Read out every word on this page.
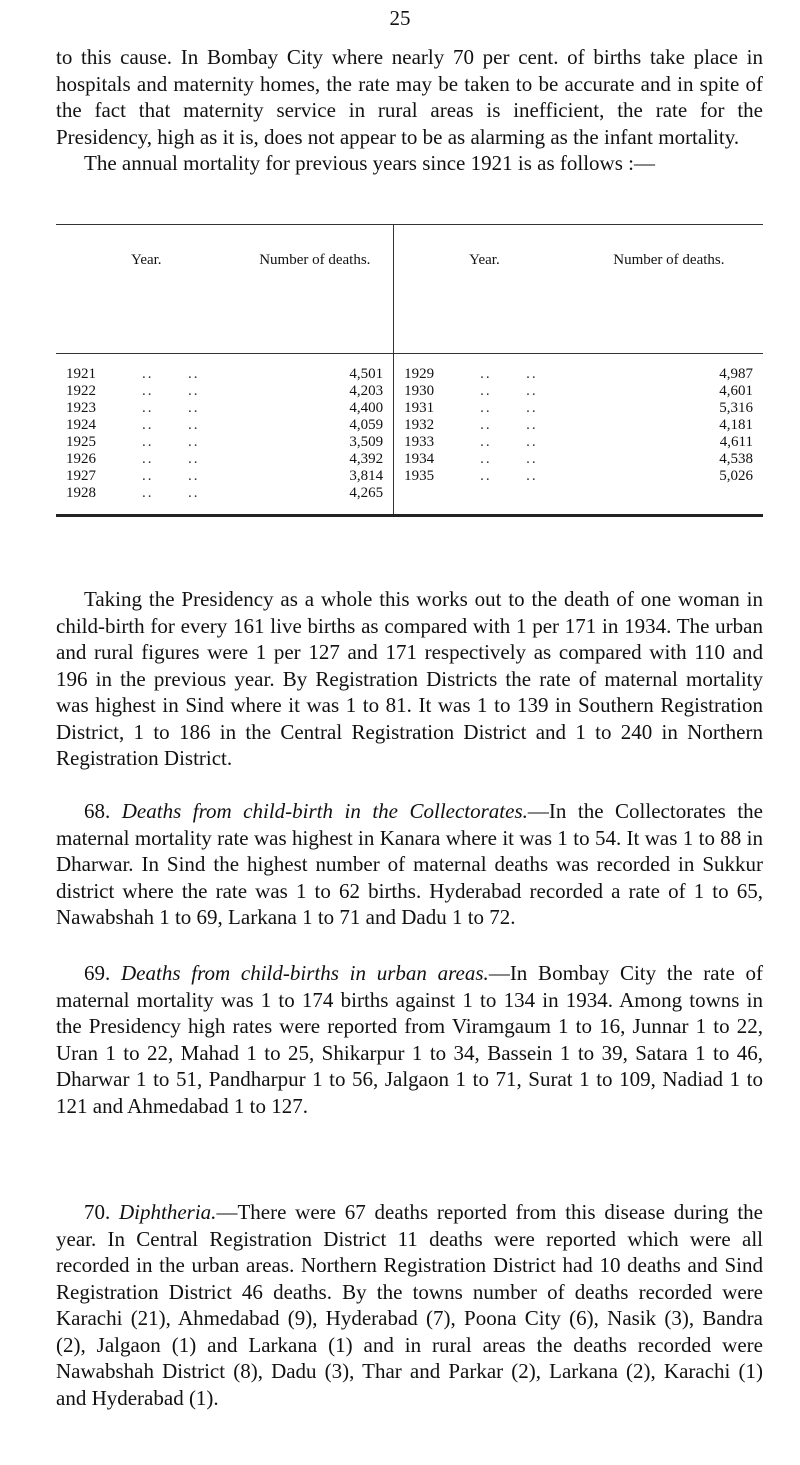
25

to this cause. In Bombay City where nearly 70 per cent. of births take place in hospitals and maternity homes, the rate may be taken to be accurate and in spite of the fact that maternity service in rural areas is inefficient, the rate for the Presidency, high as it is, does not appear to be as alarming as the infant mortality.

The annual mortality for previous years since 1921 is as follows :—

Year.	Number of deaths.	Year.	Number of deaths.
1921        ..      ..	4,501	1929        ..      ..	4,987
1922        ..      ..	4,203	1930        ..      ..	4,601
1923        ..      ..	4,400	1931        ..      ..	5,316
1924        ..      ..	4,059	1932        ..      ..	4,181
1925        ..      ..	3,509	1933        ..      ..	4,611
1926        ..      ..	4,392	1934        ..      ..	4,538
1927        ..      ..	3,814	1935        ..      ..	5,026
1928        ..      ..	4,265		

Taking the Presidency as a whole this works out to the death of one woman in child-birth for every 161 live births as compared with 1 per 171 in 1934. The urban and rural figures were 1 per 127 and 171 respectively as compared with 110 and 196 in the previous year. By Registration Districts the rate of maternal mortality was highest in Sind where it was 1 to 81. It was 1 to 139 in Southern Registration District, 1 to 186 in the Central Registration District and 1 to 240 in Northern Registration District.

68. Deaths from child-birth in the Collectorates.—In the Collectorates the maternal mortality rate was highest in Kanara where it was 1 to 54. It was 1 to 88 in Dharwar. In Sind the highest number of maternal deaths was recorded in Sukkur district where the rate was 1 to 62 births. Hyderabad recorded a rate of 1 to 65, Nawabshah 1 to 69, Larkana 1 to 71 and Dadu 1 to 72.

69. Deaths from child-births in urban areas.—In Bombay City the rate of maternal mortality was 1 to 174 births against 1 to 134 in 1934. Among towns in the Presidency high rates were reported from Viramgaum 1 to 16, Junnar 1 to 22, Uran 1 to 22, Mahad 1 to 25, Shikarpur 1 to 34, Bassein 1 to 39, Satara 1 to 46, Dharwar 1 to 51, Pandharpur 1 to 56, Jalgaon 1 to 71, Surat 1 to 109, Nadiad 1 to 121 and Ahmedabad 1 to 127.

70. Diphtheria.—There were 67 deaths reported from this disease during the year. In Central Registration District 11 deaths were reported which were all recorded in the urban areas. Northern Registration District had 10 deaths and Sind Registration District 46 deaths. By the towns number of deaths recorded were Karachi (21), Ahmedabad (9), Hyderabad (7), Poona City (6), Nasik (3), Bandra (2), Jalgaon (1) and Larkana (1) and in rural areas the deaths recorded were Nawabshah District (8), Dadu (3), Thar and Parkar (2), Larkana (2), Karachi (1) and Hyderabad (1).
